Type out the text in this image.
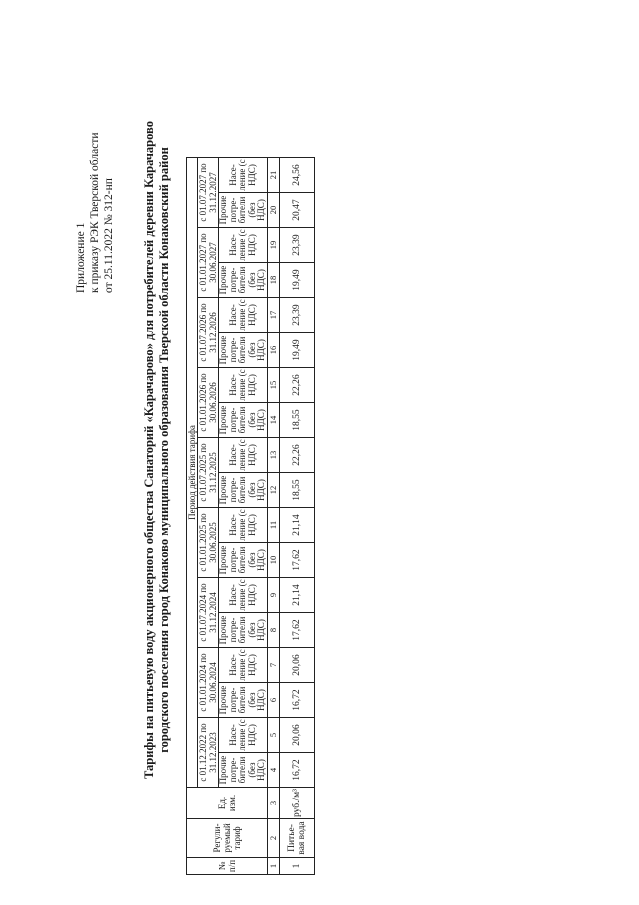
Приложение 1 к приказу РЭК Тверской области от 25.11.2022 № 312-нп Тарифы на питьевую воду акционерного общества Санаторий «Карачарово» для потребителей деревни Карачарово городского поселения город Конаково муниципального образования Тверской области Конаковский район
№ п/п	Регули-руемый тариф	Ед. изм.	Период действия тарифа																	
			с 01.12.2022 по 31.12.2023		с 01.01.2024 по 30.06.2024		с 01.07.2024 по 31.12.2024		с 01.01.2025 по 30.06.2025		с 01.07.2025 по 31.12.2025		с 01.01.2026 по 30.06.2026		с 01.07.2026 по 31.12.2026		с 01.01.2027 по 30.06.2027		с 01.07.2027 по 31.12.2027	
			Прочие потре-бители (без НДС)	Насе-ление (с НДС)	Прочие потре-бители (без НДС)	Насе-ление (с НДС)	Прочие потре-бители (без НДС)	Насе-ление (с НДС)	Прочие потре-бители (без НДС)	Насе-ление (с НДС)	Прочие потре-бители (без НДС)	Насе-ление (с НДС)	Прочие потре-бители (без НДС)	Насе-ление (с НДС)	Прочие потре-бители (без НДС)	Насе-ление (с НДС)	Прочие потре-бители (без НДС)	Насе-ление (с НДС)	Прочие потре-бители (без НДС)	Насе-ление (с НДС)
1	2	3	4	5	6	7	8	9	10	11	12	13	14	15	16	17	18	19	20	21
1	Питье-вая вода	руб./м³	16,72	20,06	16,72	20,06	17,62	21,14	17,62	21,14	18,55	22,26	18,55	22,26	19,49	23,39	19,49	23,39	20,47	24,56
